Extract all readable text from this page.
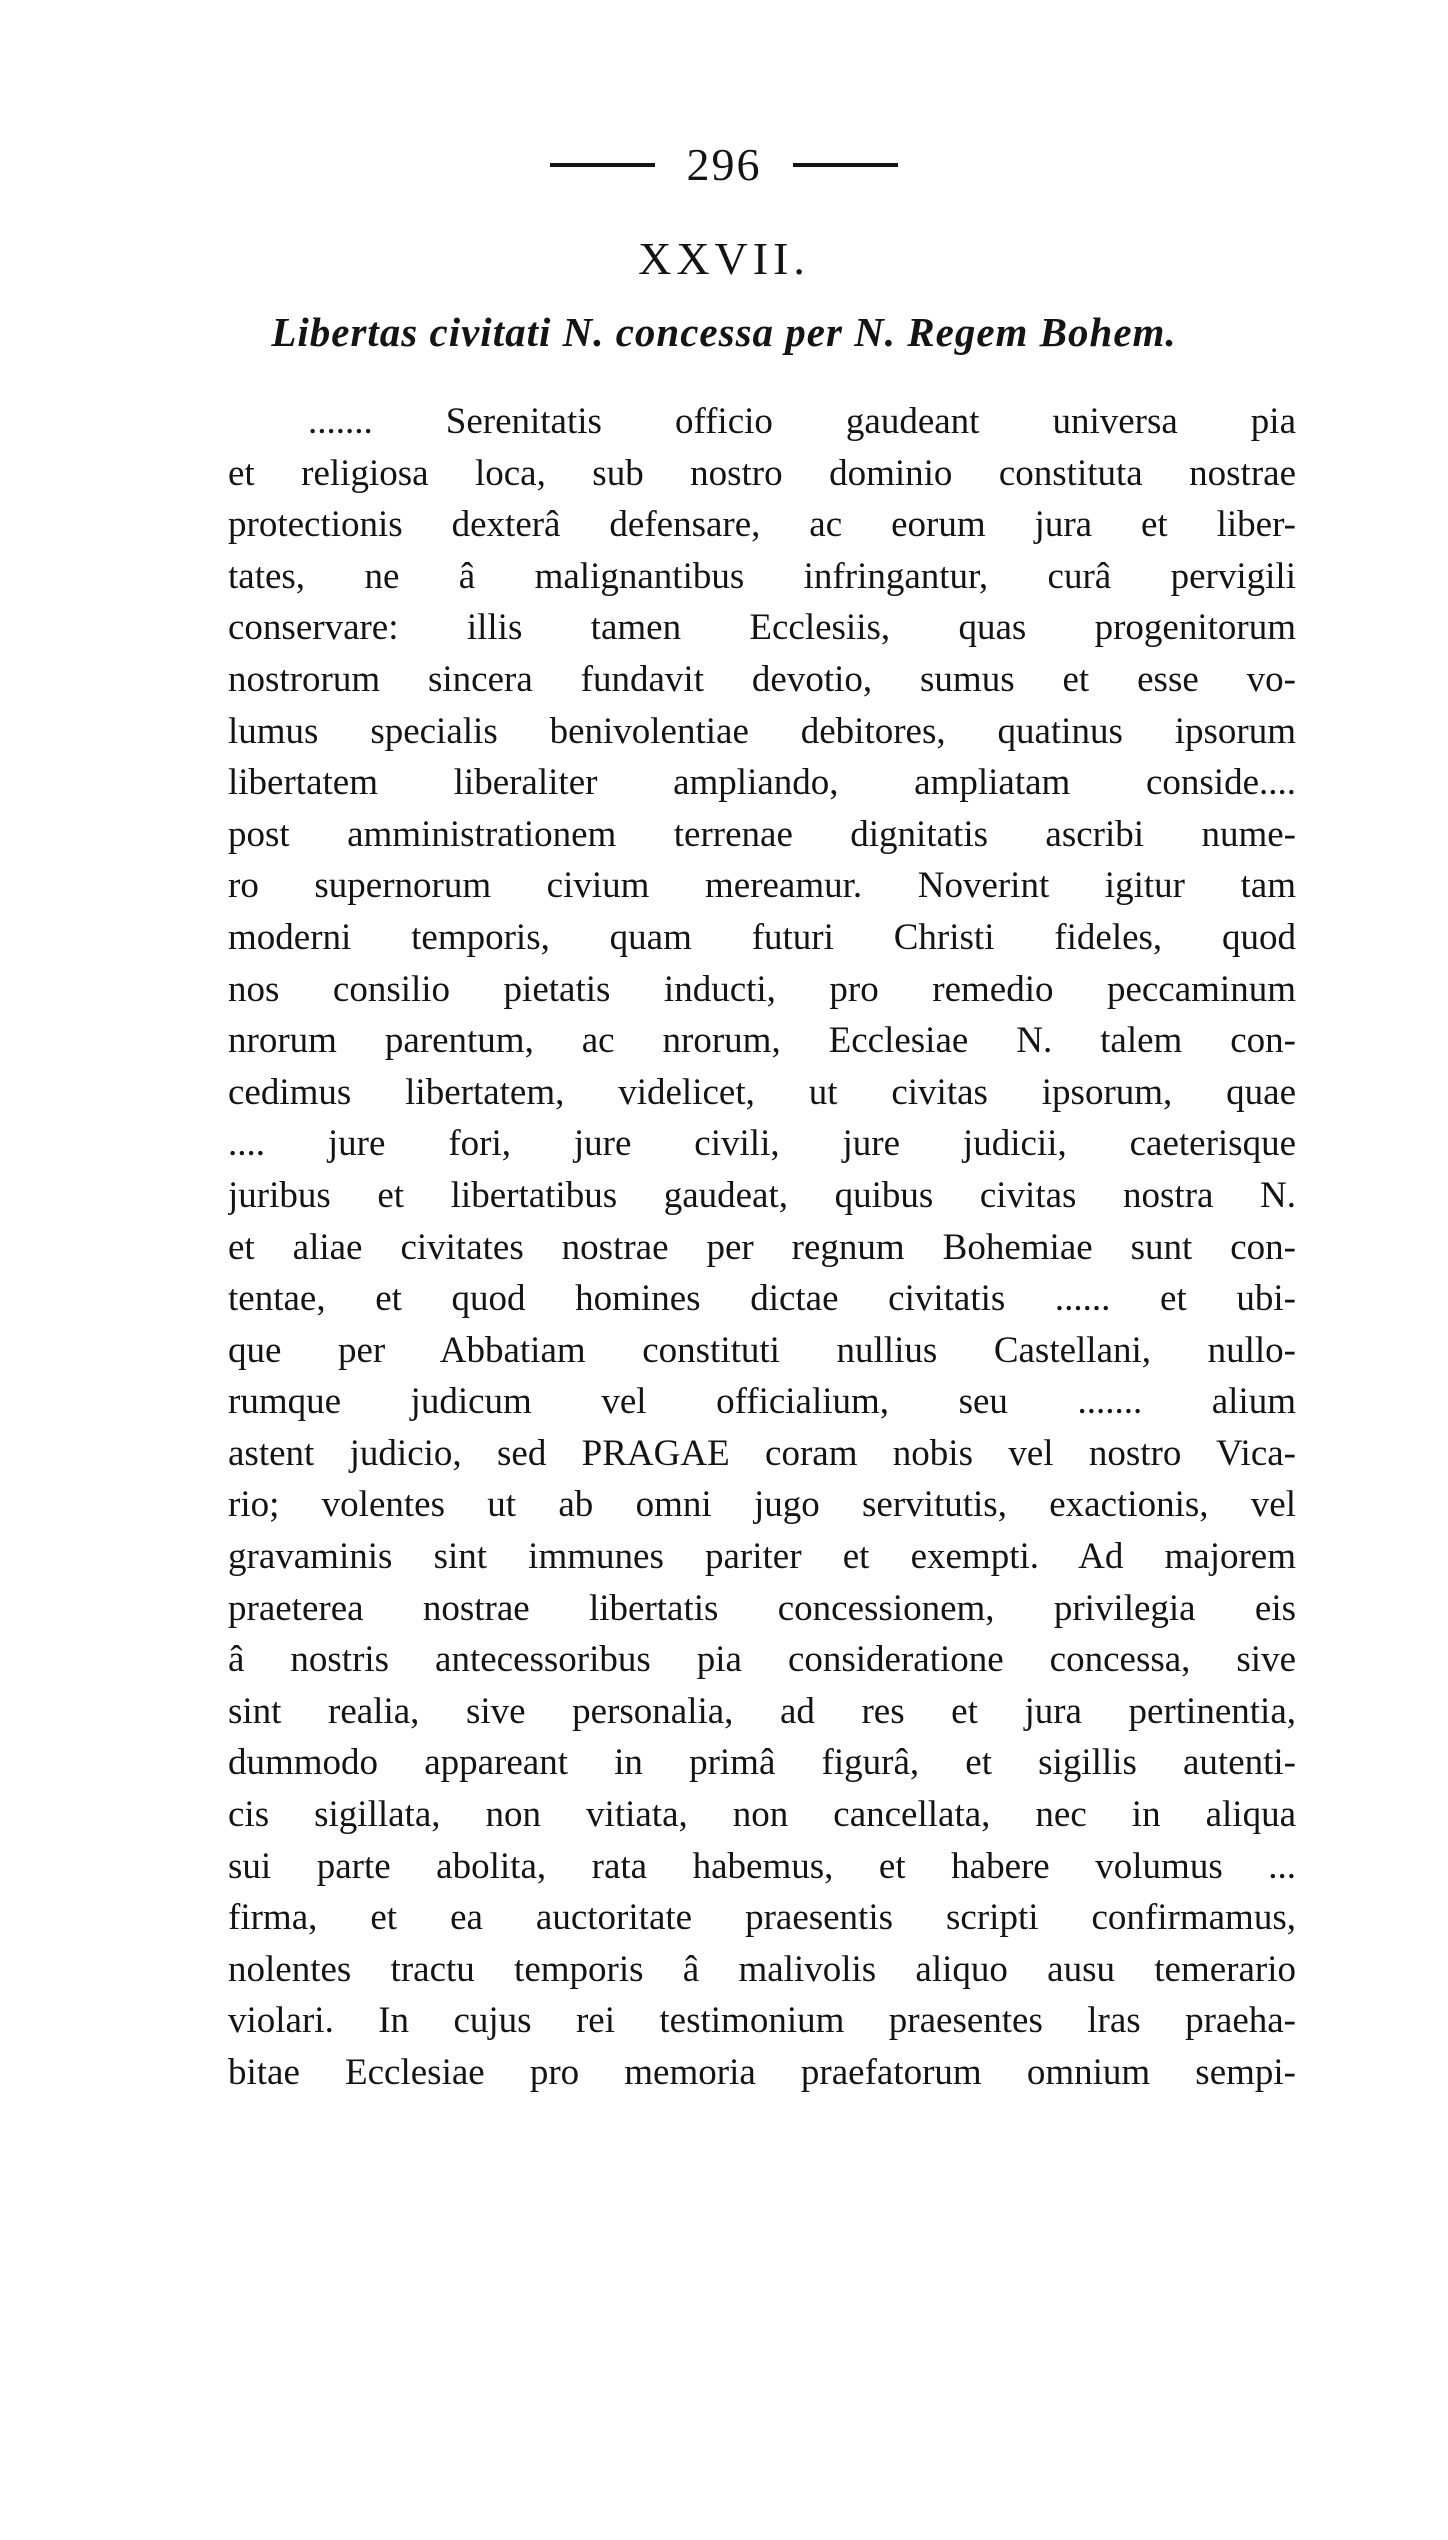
296
XXVII.
Libertas civitati N. concessa per N. Regem Bohem.
....... Serenitatis officio gaudeant universa pia
et religiosa loca, sub nostro dominio constituta nostrae
protectionis dexterâ defensare, ac eorum jura et liber-
tates, ne â malignantibus infringantur, curâ pervigili
conservare: illis tamen Ecclesiis, quas progenitorum
nostrorum sincera fundavit devotio, sumus et esse vo-
lumus specialis benivolentiae debitores, quatinus ipsorum
libertatem liberaliter ampliando, ampliatam conside....
post amministrationem terrenae dignitatis ascribi nume-
ro supernorum civium mereamur. Noverint igitur tam
moderni temporis, quam futuri Christi fideles, quod
nos consilio pietatis inducti, pro remedio peccaminum
nrorum parentum, ac nrorum, Ecclesiae N. talem con-
cedimus libertatem, videlicet, ut civitas ipsorum, quae
.... jure fori, jure civili, jure judicii, caeterisque
juribus et libertatibus gaudeat, quibus civitas nostra N.
et aliae civitates nostrae per regnum Bohemiae sunt con-
tentae, et quod homines dictae civitatis ...... et ubi-
que per Abbatiam constituti nullius Castellani, nullo-
rumque judicum vel officialium, seu ....... alium
astent judicio, sed PRAGAE coram nobis vel nostro Vica-
rio; volentes ut ab omni jugo servitutis, exactionis, vel
gravaminis sint immunes pariter et exempti. Ad majorem
praeterea nostrae libertatis concessionem, privilegia eis
â nostris antecessoribus pia consideratione concessa, sive
sint realia, sive personalia, ad res et jura pertinentia,
dummodo appareant in primâ figurâ, et sigillis autenti-
cis sigillata, non vitiata, non cancellata, nec in aliqua
sui parte abolita, rata habemus, et habere volumus ...
firma, et ea auctoritate praesentis scripti confirmamus,
nolentes tractu temporis â malivolis aliquo ausu temerario
violari. In cujus rei testimonium praesentes lras praeha-
bitae Ecclesiae pro memoria praefatorum omnium sempi-
